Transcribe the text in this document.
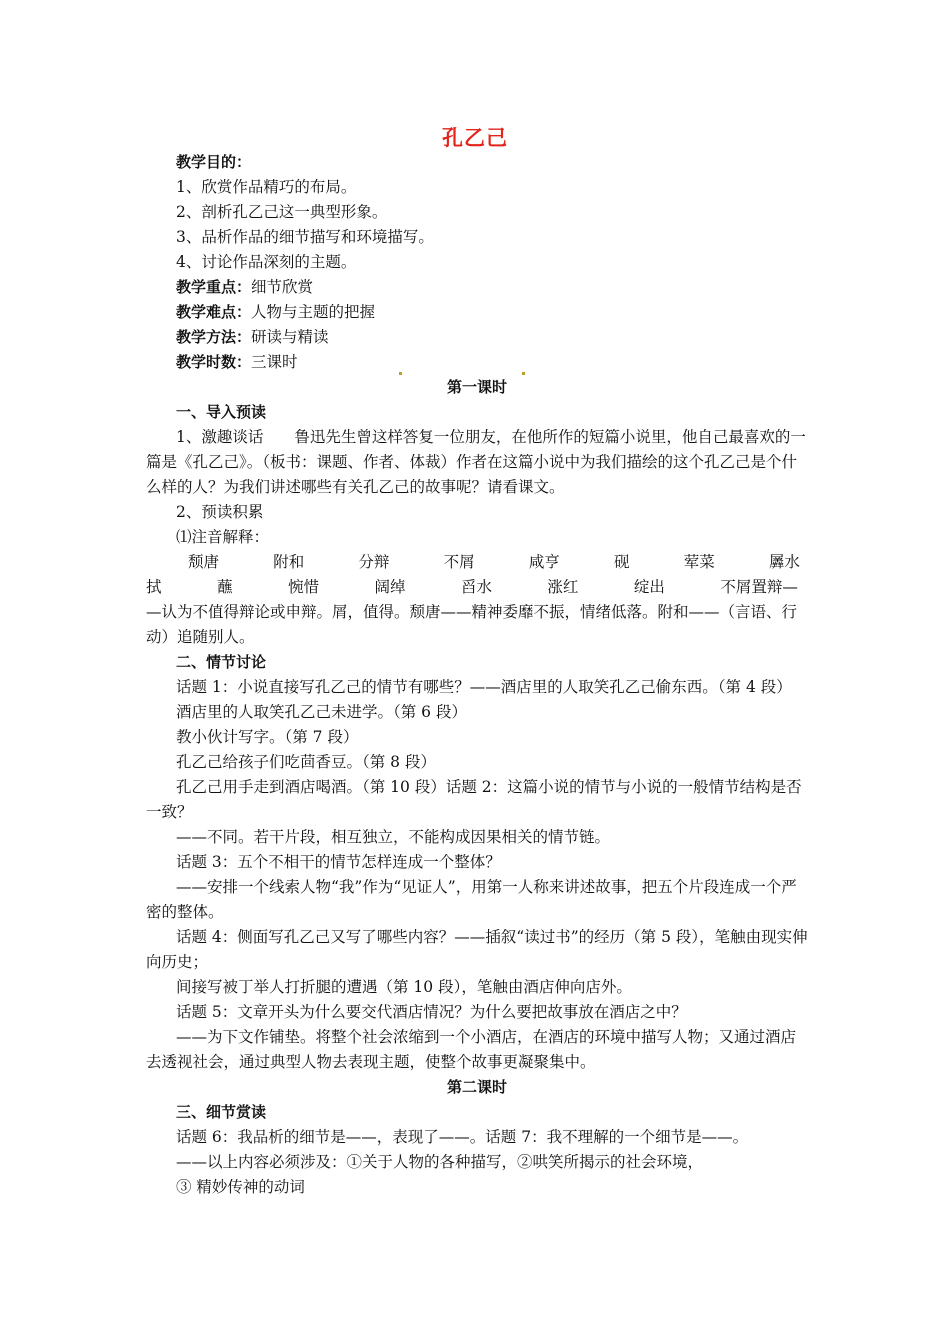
孔乙己

教学目的：

1、欣赏作品精巧的布局。

2、剖析孔乙己这一典型形象。

3、品析作品的细节描写和环境描写。

4、讨论作品深刻的主题。

教学重点：细节欣赏

教学难点：人物与主题的把握

教学方法：研读与精读

教学时数：三课时

第一课时

一、导入预读

1、激趣谈话　　 鲁迅先生曾这样答复一位朋友，在他所作的短篇小说里，他自己最喜欢的一篇是《孔乙己》。（板书：课题、作者、体裁）作者在这篇小说中为我们描绘的这个孔乙己是个什么样的人？为我们讲述哪些有关孔乙己的故事呢？请看课文。

2、预读积累

⑴注音解释：

颓唐	附和	分辩	不屑	咸亨	砚	荤菜	羼水
拭	蘸	惋惜	阔绰	舀水	涨红	绽出	不屑置辩—

—认为不值得辩论或申辩。屑，值得。颓唐——精神委靡不振，情绪低落。附和——（言语、行动）追随别人。

二、情节讨论

话题 1：小说直接写孔乙己的情节有哪些？——酒店里的人取笑孔乙己偷东西。（第 4 段）

酒店里的人取笑孔乙己未进学。（第 6 段）

教小伙计写字。（第 7 段）

孔乙己给孩子们吃茴香豆。（第 8 段）

孔乙己用手走到酒店喝酒。（第 10 段）话题 2：这篇小说的情节与小说的一般情节结构是否一致？

——不同。若干片段，相互独立，不能构成因果相关的情节链。

话题 3：五个不相干的情节怎样连成一个整体？

——安排一个线索人物“我”作为“见证人”，用第一人称来讲述故事，把五个片段连成一个严密的整体。

话题 4：侧面写孔乙己又写了哪些内容？——插叙“读过书”的经历（第 5 段），笔触由现实伸向历史；

间接写被丁举人打折腿的遭遇（第 10 段），笔触由酒店伸向店外。

话题 5：文章开头为什么要交代酒店情况？为什么要把故事放在酒店之中？

——为下文作铺垫。将整个社会浓缩到一个小酒店，在酒店的环境中描写人物；又通过酒店去透视社会，通过典型人物去表现主题，使整个故事更凝聚集中。

第二课时

三、细节赏读

话题 6：我品析的细节是——，表现了——。话题 7：我不理解的一个细节是——。

——以上内容必须涉及：①关于人物的各种描写，②哄笑所揭示的社会环境，

③ 精妙传神的动词
